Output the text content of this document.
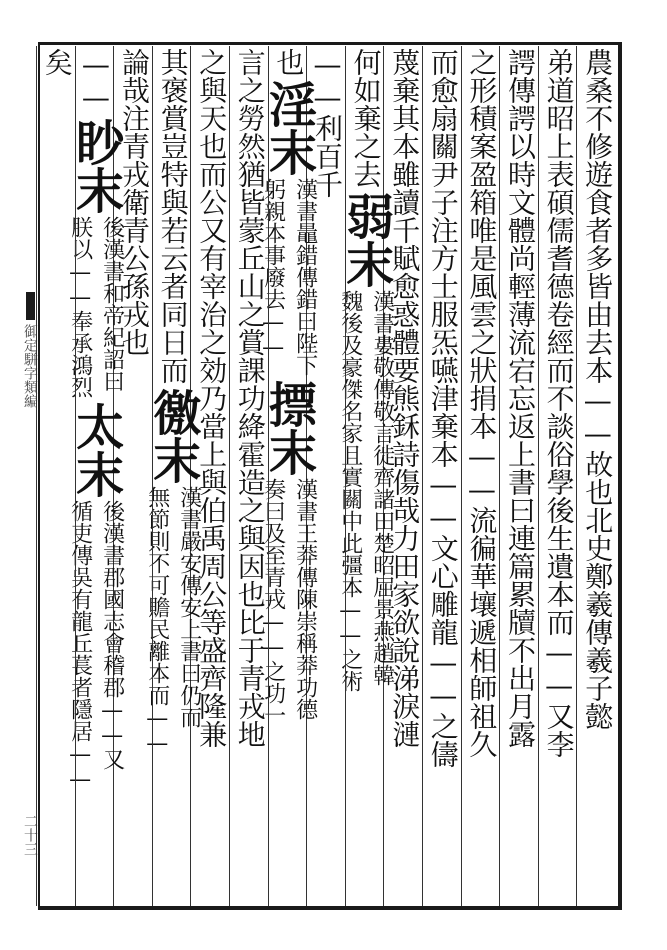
御定駢字類編
二十三
農桑不修遊食者多皆由去本——故也北史鄭羲傳羲子懿
弟道昭上表碩儒耆德卷經而不談俗學後生遺本而——又李
諤傳諤以時文體尚輕薄流宕忘返上書曰連篇累牘不出月露
之形積案盈箱唯是風雲之狀捐本——流徧華壤遞相師祖久
而愈扇關尹子注方士服炁嚥津棄本——文心雕龍——之儔
蔑棄其本雖讀千賦愈惑體要熊鉌詩傷哉力田家欲說涕淚漣
何如棄之去
弱末
漢書婁敬傳敬言徙齊諸田楚昭屈景燕趙韓
魏後及豪傑名家且實關中此彊本——之術
——利百千
也
淫末
漢書鼂錯傳錯曰陛下
躬親本事廢去——
摽末
漢書王莽傳陳崇稱莽功德
奏曰及至青戎——之功一
言之勞然猶皆蒙丘山之賞課功絳霍造之與因也比于青戎地
之與天也而公又有宰治之効乃當上與伯禹周公等盛齊隆兼
其褒賞豈特與若云者同日而
徼末
漢書嚴安傳安上書曰仍而
無節則不可贍民離本而——
論哉注青戎衛青公孫戎也
——
眇末
後漢書和帝紀詔曰
朕以——奉承鴻烈
太末
後漢書郡國志會稽郡——又
循吏傳吳有龍丘萇者隱居——
矣
